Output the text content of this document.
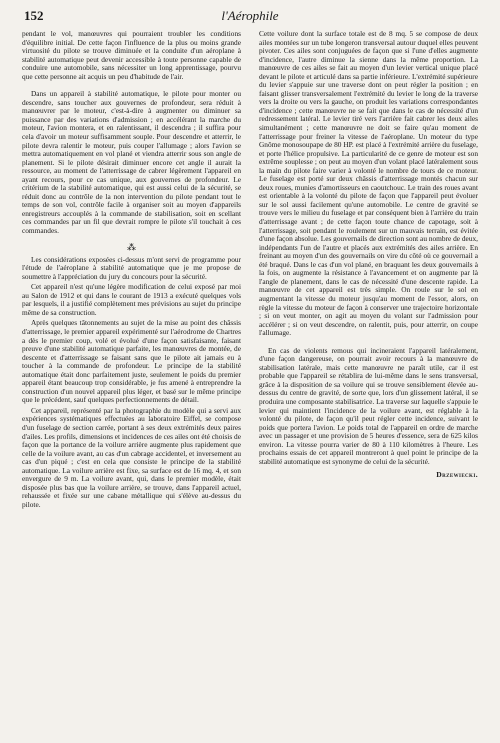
152	l'Aérophile

pendant le vol, manœuvres qui pourraient troubler les conditions d'équilibre initial. De cette façon l'influence de la plus ou moins grande virtuosité du pilote se trouve diminuée et la conduite d'un aéroplane à stabilité automatique peut devenir accessible à toute personne capable de conduire une automobile, sans nécessiter un long apprentissage, pourvu que cette personne ait acquis un peu d'habitude de l'air.

Dans un appareil à stabilité automatique, le pilote pour monter ou descendre, sans toucher aux gouvernes de profondeur, sera réduit à manœuvrer par le moteur, c'est-à-dire à augmenter ou diminuer sa puissance par des variations d'admission ; en accélérant la marche du moteur, l'avion montera, et en ralentissant, il descendra ; il suffira pour cela d'avoir un moteur suffisamment souple. Pour descendre et atterrir, le pilote devra ralentir le moteur, puis couper l'allumage ; alors l'avion se mettra automatiquement en vol plané et viendra atterrir sous son angle de planement. Si le pilote désirait diminuer encore cet angle il aurait la ressource, au moment de l'atterrissage de cabrer légèrement l'appareil en ayant recours, pour ce cas unique, aux gouvernes de profondeur. Le critérium de la stabilité automatique, qui est aussi celui de la sécurité, se réduit donc au contrôle de la non intervention du pilote pendant tout le temps de son vol, contrôle facile à organiser soit au moyen d'appareils enregistreurs accouplés à la commande de stabilisation, soit en scellant ces commandes par un fil que devrait rompre le pilote s'il touchait à ces commandes.

⁂

Les considérations exposées ci-dessus m'ont servi de programme pour l'étude de l'aéroplane à stabilité automatique que je me propose de soumettre à l'appréciation du jury du concours pour la sécurité.

Cet appareil n'est qu'une légère modification de celui exposé par moi au Salon de 1912 et qui dans le courant de 1913 a exécuté quelques vols par lesquels, il a justifié complètement mes prévisions au sujet du principe même de sa construction.

Après quelques tâtonnements au sujet de la mise au point des châssis d'atterrissage, le premier appareil expérimenté sur l'aérodrome de Chartres a dès le premier coup, volé et évolué d'une façon satisfaisante, faisant preuve d'une stabilité automatique parfaite, les manœuvres de montée, de descente et d'atterrissage se faisant sans que le pilote ait jamais eu à toucher à la commande de profondeur. Le principe de la stabilité automatique était donc parfaitement juste, seulement le poids du premier appareil étant beaucoup trop considérable, je fus amené à entreprendre la construction d'un nouvel appareil plus léger, et basé sur le même principe que le précédent, sauf quelques perfectionnements de détail.

Cet appareil, représenté par la photographie du modèle qui a servi aux expériences systématiques effectuées au laboratoire Eiffel, se compose d'un fuselage de section carrée, portant à ses deux extrémités deux paires d'ailes. Les profils, dimensions et incidences de ces ailes ont été choisis de façon que la portance de la voilure arrière augmente plus rapidement que celle de la voilure avant, au cas d'un cabrage accidentel, et inversement au cas d'un piqué ; c'est en cela que consiste le principe de la stabilité automatique. La voilure arrière est fixe, sa surface est de 16 mq. 4, et son envergure de 9 m. La voilure avant, qui, dans le premier modèle, était disposée plus bas que la voilure arrière, se trouve, dans l'appareil actuel, rehaussée et fixée sur une cabane métallique qui s'élève au-dessus du pilote.

Cette voilure dont la surface totale est de 8 mq. 5 se compose de deux ailes montées sur un tube longeron transversal autour duquel elles peuvent pivoter. Ces ailes sont conjuguées de façon que si l'une d'elles augmente d'incidence, l'autre diminue la sienne dans la même proportion. La manœuvre de ces ailes se fait au moyen d'un levier vertical unique placé devant le pilote et articulé dans sa partie inférieure. L'extrémité supérieure du levier s'appuie sur une traverse dont on peut régler la position ; en faisant glisser transversalement l'extrémité du levier le long de la traverse vers la droite ou vers la gauche, on produit les variations correspondantes d'incidence ; cette manœuvre ne se fait que dans le cas de nécessité d'un redressement latéral. Le levier tiré vers l'arrière fait cabrer les deux ailes simultanément ; cette manœuvre ne doit se faire qu'au moment de l'atterrissage pour freiner la vitesse de l'aéroplane. Un moteur du type Gnôme monosoupape de 80 HP. est placé à l'extrémité arrière du fuselage, et porte l'hélice propulsive. La particularité de ce genre de moteur est son extrême souplesse ; on peut au moyen d'un volant placé latéralement sous la main du pilote faire varier à volonté le nombre de tours de ce moteur. Le fuselage est porté sur deux châssis d'atterrissage montés chacun sur deux roues, munies d'amortisseurs en caoutchouc. Le train des roues avant est orientable à la volonté du pilote de façon que l'appareil peut évoluer sur le sol aussi facilement qu'une automobile. Le centre de gravité se trouve vers le milieu du fuselage et par conséquent bien à l'arrière du train d'atterrissage avant ; de cette façon toute chance de capotage, soit à l'atterrissage, soit pendant le roulement sur un mauvais terrain, est évitée d'une façon absolue. Les gouvernails de direction sont au nombre de deux, indépendants l'un de l'autre et placés aux extrémités des ailes arrière. En freinant au moyen d'un des gouvernails on vire du côté où ce gouvernail a été braqué. Dans le cas d'un vol plané, en braquant les deux gouvernails à la fois, on augmente la résistance à l'avancement et on augmente par là l'angle de planement, dans le cas de nécessité d'une descente rapide. La manœuvre de cet appareil est très simple. On roule sur le sol en augmentant la vitesse du moteur jusqu'au moment de l'essor, alors, on règle la vitesse du moteur de façon à conserver une trajectoire horizontale ; si on veut monter, on agit au moyen du volant sur l'admission pour accélérer ; si on veut descendre, on ralentit, puis, pour atterrir, on coupe l'allumage.

En cas de violents remous qui incineraient l'appareil latéralement, d'une façon dangereuse, on pourrait avoir recours à la manœuvre de stabilisation latérale, mais cette manœuvre ne paraît utile, car il est probable que l'appareil se rétablira de lui-même dans le sens transversal, grâce à la disposition de sa voilure qui se trouve sensiblement élevée au-dessus du centre de gravité, de sorte que, lors d'un glissement latéral, il se produira une composante stabilisatrice. La traverse sur laquelle s'appuie le levier qui maintient l'incidence de la voilure avant, est réglable à la volonté du pilote, de façon qu'il peut régler cette incidence, suivant le poids que portera l'avion. Le poids total de l'appareil en ordre de marche avec un passager et une provision de 5 heures d'essence, sera de 625 kilos environ. La vitesse pourra varier de 80 à 110 kilomètres à l'heure. Les prochains essais de cet appareil montreront à quel point le principe de la stabilité automatique est synonyme de celui de la sécurité.

Drzewiecki.
